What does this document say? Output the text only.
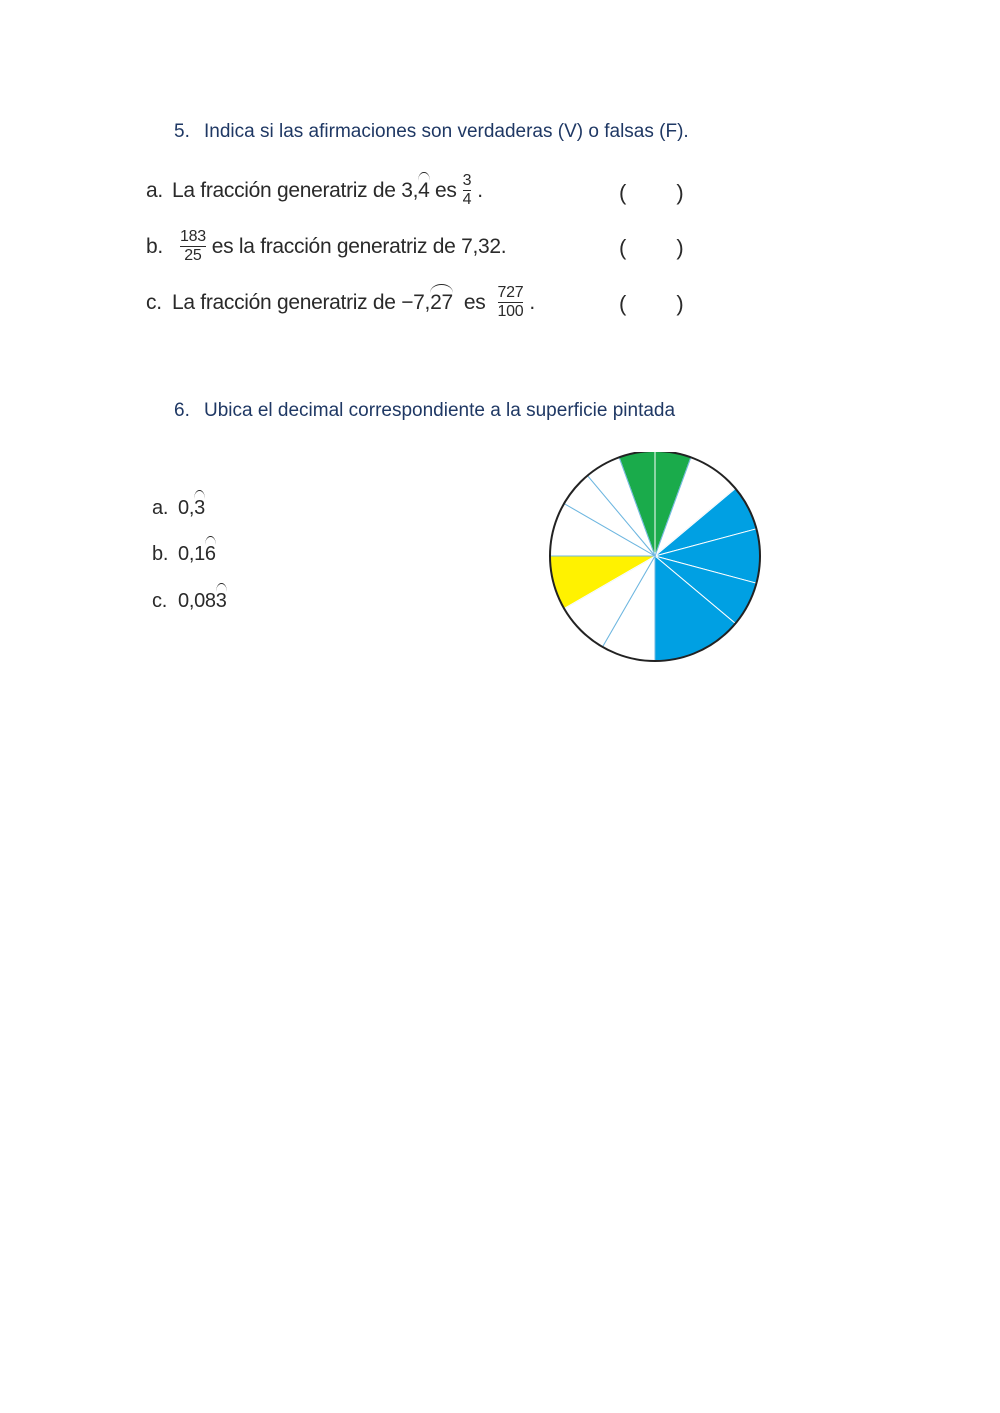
5. Indica si las afirmaciones son verdaderas (V) o falsas (F).
a. La fracción generatriz de
3,4
es $\frac{3}{4}$ .	( )
b.	$\frac{183}{25}$ es la fracción generatriz de 7,32.	( )
c. La fracción generatriz de
−7,27
es $\frac{727}{100}$ .	( )
6. Ubica el decimal correspondiente a la superficie pintada
a. 0,3
b. 0,16
c. 0,083
